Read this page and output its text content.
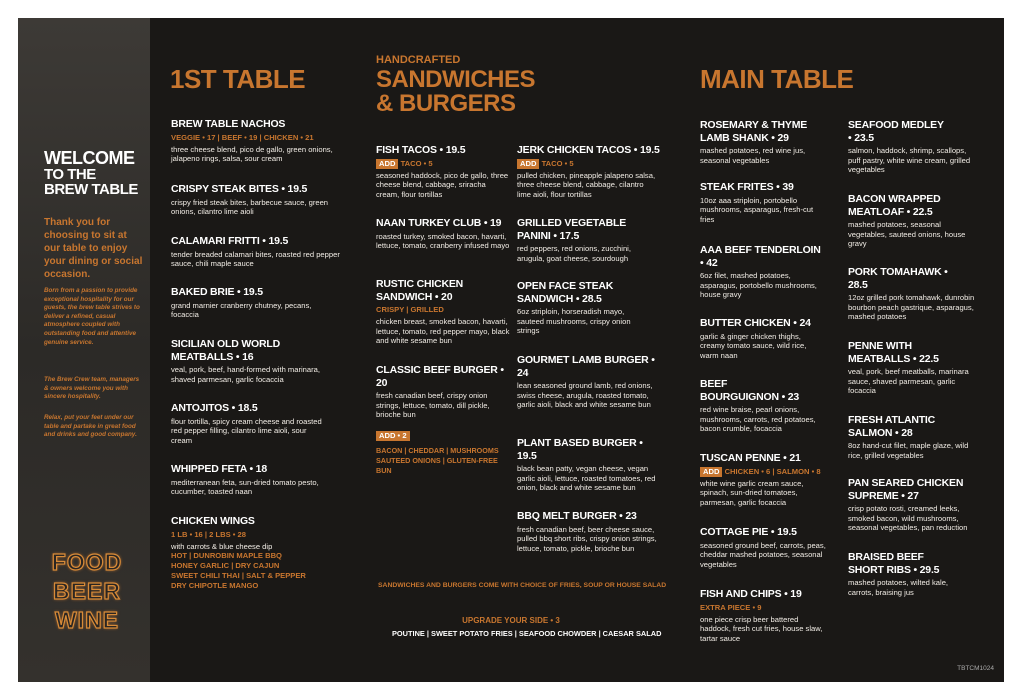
WELCOME
TO THE
BREW TABLE
Thank you for choosing to sit at our table to enjoy your dining or social occasion.
Born from a passion to provide exceptional hospitality for our guests, the brew table strives to deliver a refined, casual atmosphere coupled with outstanding food and attentive genuine service.
The Brew Crew team, managers & owners welcome you with sincere hospitality.
Relax, put your feet under our table and partake in great food and drinks and good company.
FOOD
BEER
WINE
1ST TABLE
BREW TABLE NACHOS
VEGGIE • 17 | BEEF • 19 | CHICKEN • 21
three cheese blend, pico de gallo, green onions, jalapeno rings, salsa, sour cream
CRISPY STEAK BITES • 19.5
crispy fried steak bites, barbecue sauce, green onions, cilantro lime aioli
CALAMARI FRITTI • 19.5
tender breaded calamari bites, roasted red pepper sauce, chili maple sauce
BAKED BRIE • 19.5
grand marnier cranberry chutney, pecans, focaccia
SICILIAN OLD WORLD MEATBALLS • 16
veal, pork, beef, hand-formed with marinara, shaved parmesan, garlic focaccia
ANTOJITOS • 18.5
flour tortilla, spicy cream cheese and roasted red pepper filling, cilantro lime aioli, sour cream
WHIPPED FETA • 18
mediterranean feta, sun-dried tomato pesto, cucumber, toasted naan
CHICKEN WINGS
1 LB • 16 | 2 LBS • 28
with carrots & blue cheese dip
HOT | DUNROBIN MAPLE BBQ
HONEY GARLIC | DRY CAJUN
SWEET CHILI THAI | SALT & PEPPER
DRY CHIPOTLE MANGO
HANDCRAFTED
SANDWICHES
& BURGERS
FISH TACOS • 19.5
ADD TACO • 5
seasoned haddock, pico de gallo, three cheese blend, cabbage, sriracha cream, flour tortillas
NAAN TURKEY CLUB • 19
roasted turkey, smoked bacon, havarti, lettuce, tomato, cranberry infused mayo
RUSTIC CHICKEN SANDWICH • 20
CRISPY | GRILLED
chicken breast, smoked bacon, havarti, lettuce, tomato, red pepper mayo, black and white sesame bun
CLASSIC BEEF BURGER • 20
fresh canadian beef, crispy onion strings, lettuce, tomato, dill pickle, brioche bun
ADD • 2
BACON | CHEDDAR | MUSHROOMS
SAUTEED ONIONS | GLUTEN-FREE BUN
JERK CHICKEN TACOS • 19.5
ADD TACO • 5
pulled chicken, pineapple jalapeno salsa, three cheese blend, cabbage, cilantro lime aioli, flour tortillas
GRILLED VEGETABLE PANINI • 17.5
red peppers, red onions, zucchini, arugula, goat cheese, sourdough
OPEN FACE STEAK SANDWICH • 28.5
6oz striploin, horseradish mayo, sauteed mushrooms, crispy onion strings
GOURMET LAMB BURGER • 24
lean seasoned ground lamb, red onions, swiss cheese, arugula, roasted tomato, garlic aioli, black and white sesame bun
PLANT BASED BURGER • 19.5
black bean patty, vegan cheese, vegan garlic aioli, lettuce, roasted tomatoes, red onion, black and white sesame bun
BBQ MELT BURGER • 23
fresh canadian beef, beer cheese sauce, pulled bbq short ribs, crispy onion strings, lettuce, tomato, pickle, brioche bun
SANDWICHES AND BURGERS COME WITH CHOICE OF FRIES, SOUP OR HOUSE SALAD
UPGRADE YOUR SIDE • 3
POUTINE | SWEET POTATO FRIES | SEAFOOD CHOWDER | CAESAR SALAD
MAIN TABLE
ROSEMARY & THYME LAMB SHANK • 29
mashed potatoes, red wine jus, seasonal vegetables
STEAK FRITES • 39
10oz aaa striploin, portobello mushrooms, asparagus, fresh-cut fries
AAA BEEF TENDERLOIN • 42
6oz filet, mashed potatoes, asparagus, portobello mushrooms, house gravy
BUTTER CHICKEN • 24
garlic & ginger chicken thighs, creamy tomato sauce, wild rice, warm naan
BEEF BOURGUIGNON • 23
red wine braise, pearl onions, mushrooms, carrots, red potatoes, bacon crumble, focaccia
TUSCAN PENNE • 21
ADD CHICKEN • 6 | SALMON • 8
white wine garlic cream sauce, spinach, sun-dried tomatoes, parmesan, garlic focaccia
COTTAGE PIE • 19.5
seasoned ground beef, carrots, peas, cheddar mashed potatoes, seasonal vegetables
FISH AND CHIPS • 19
EXTRA PIECE • 9
one piece crisp beer battered haddock, fresh cut fries, house slaw, tartar sauce
SEAFOOD MEDLEY • 23.5
salmon, haddock, shrimp, scallops, puff pastry, white wine cream, grilled vegetables
BACON WRAPPED MEATLOAF • 22.5
mashed potatoes, seasonal vegetables, sauteed onions, house gravy
PORK TOMAHAWK • 28.5
12oz grilled pork tomahawk, dunrobin bourbon peach gastrique, asparagus, mashed potatoes
PENNE WITH MEATBALLS • 22.5
veal, pork, beef meatballs, marinara sauce, shaved parmesan, garlic focaccia
FRESH ATLANTIC SALMON • 28
8oz hand-cut filet, maple glaze, wild rice, grilled vegetables
PAN SEARED CHICKEN SUPREME • 27
crisp potato rosti, creamed leeks, smoked bacon, wild mushrooms, seasonal vegetables, pan reduction
BRAISED BEEF SHORT RIBS • 29.5
mashed potatoes, wilted kale, carrots, braising jus
TBTCM1024
